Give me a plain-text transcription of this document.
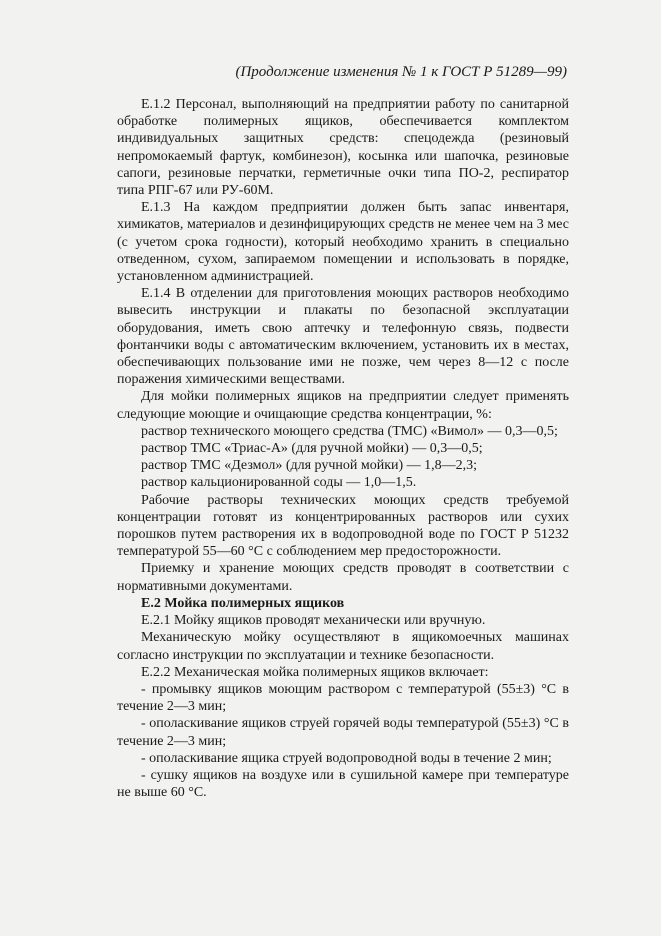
(Продолжение изменения № 1 к ГОСТ Р 51289—99)

Е.1.2 Персонал, выполняющий на предприятии работу по санитарной обработке полимерных ящиков, обеспечивается комплектом индивидуальных защитных средств: спецодежда (резиновый непромокаемый фартук, комбинезон), косынка или шапочка, резиновые сапоги, резиновые перчатки, герметичные очки типа ПО-2, респиратор типа РПГ-67 или РУ-60М.

Е.1.3 На каждом предприятии должен быть запас инвентаря, химикатов, материалов и дезинфицирующих средств не менее чем на 3 мес (с учетом срока годности), который необходимо хранить в специально отведенном, сухом, запираемом помещении и использовать в порядке, установленном администрацией.

Е.1.4 В отделении для приготовления моющих растворов необходимо вывесить инструкции и плакаты по безопасной эксплуатации оборудования, иметь свою аптечку и телефонную связь, подвести фонтанчики воды с автоматическим включением, установить их в местах, обеспечивающих пользование ими не позже, чем через 8—12 с после поражения химическими веществами.

Для мойки полимерных ящиков на предприятии следует применять следующие моющие и очищающие средства концентрации, %:

раствор технического моющего средства (ТМС) «Вимол» — 0,3—0,5;

раствор ТМС «Триас-А» (для ручной мойки) — 0,3—0,5;

раствор ТМС «Дезмол» (для ручной мойки) — 1,8—2,3;

раствор кальционированной соды — 1,0—1,5.

Рабочие растворы технических моющих средств требуемой концентрации готовят из концентрированных растворов или сухих порошков путем растворения их в водопроводной воде по ГОСТ Р 51232 температурой 55—60 °С с соблюдением мер предосторожности.

Приемку и хранение моющих средств проводят в соответствии с нормативными документами.

Е.2 Мойка полимерных ящиков

Е.2.1 Мойку ящиков проводят механически или вручную.

Механическую мойку осуществляют в ящикомоечных машинах согласно инструкции по эксплуатации и технике безопасности.

Е.2.2 Механическая мойка полимерных ящиков включает:

- промывку ящиков моющим раствором с температурой (55±3) °С в течение 2—3 мин;

- ополаскивание ящиков струей горячей воды температурой (55±3) °С в течение 2—3 мин;

- ополаскивание ящика струей водопроводной воды в течение 2 мин;

- сушку ящиков на воздухе или в сушильной камере при температуре не выше 60 °С.
